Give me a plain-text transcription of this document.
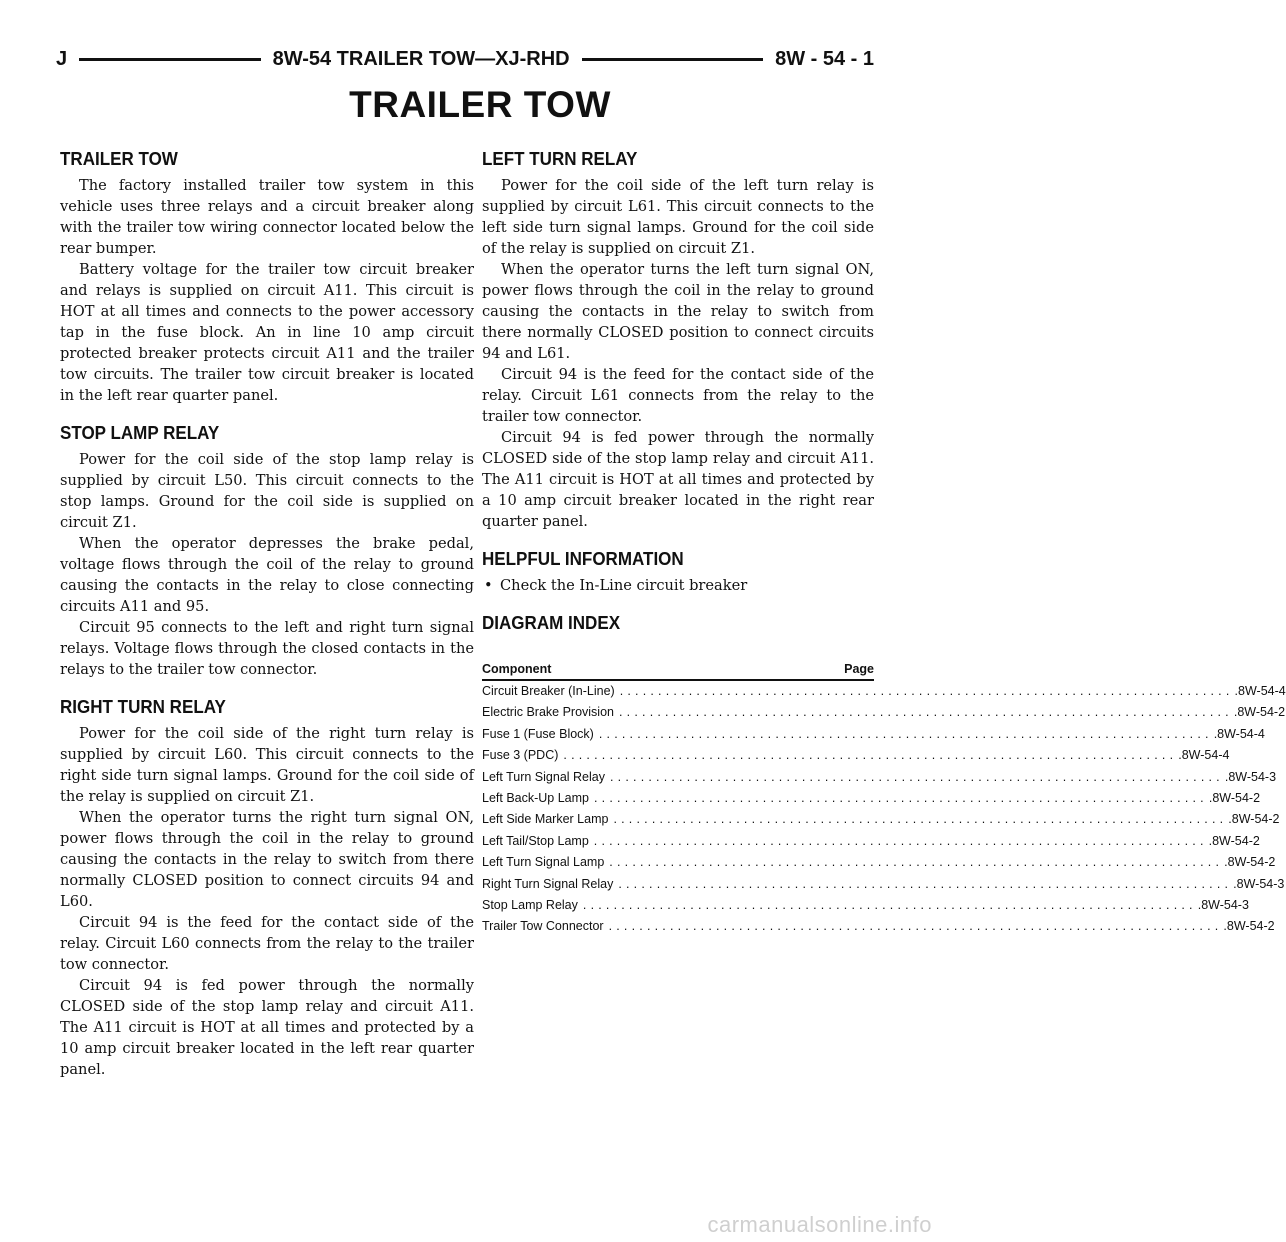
J	8W-54 TRAILER TOW—XJ-RHD	8W - 54 - 1
TRAILER TOW
TRAILER TOW

The factory installed trailer tow system in this vehicle uses three relays and a circuit breaker along with the trailer tow wiring connector located below the rear bumper.

Battery voltage for the trailer tow circuit breaker and relays is supplied on circuit A11. This circuit is HOT at all times and connects to the power accessory tap in the fuse block. An in line 10 amp circuit protected breaker protects circuit A11 and the trailer tow circuits. The trailer tow circuit breaker is located in the left rear quarter panel.

STOP LAMP RELAY

Power for the coil side of the stop lamp relay is supplied by circuit L50. This circuit connects to the stop lamps. Ground for the coil side is supplied on circuit Z1.

When the operator depresses the brake pedal, voltage flows through the coil of the relay to ground causing the contacts in the relay to close connecting circuits A11 and 95.

Circuit 95 connects to the left and right turn signal relays. Voltage flows through the closed contacts in the relays to the trailer tow connector.

RIGHT TURN RELAY

Power for the coil side of the right turn relay is supplied by circuit L60. This circuit connects to the right side turn signal lamps. Ground for the coil side of the relay is supplied on circuit Z1.

When the operator turns the right turn signal ON, power flows through the coil in the relay to ground causing the contacts in the relay to switch from there normally CLOSED position to connect circuits 94 and L60.

Circuit 94 is the feed for the contact side of the relay. Circuit L60 connects from the relay to the trailer tow connector.

Circuit 94 is fed power through the normally CLOSED side of the stop lamp relay and circuit A11. The A11 circuit is HOT at all times and protected by a 10 amp circuit breaker located in the left rear quarter panel.

LEFT TURN RELAY

Power for the coil side of the left turn relay is supplied by circuit L61. This circuit connects to the left side turn signal lamps. Ground for the coil side of the relay is supplied on circuit Z1.

When the operator turns the left turn signal ON, power flows through the coil in the relay to ground causing the contacts in the relay to switch from there normally CLOSED position to connect circuits 94 and L61.

Circuit 94 is the feed for the contact side of the relay. Circuit L61 connects from the relay to the trailer tow connector.

Circuit 94 is fed power through the normally CLOSED side of the stop lamp relay and circuit A11. The A11 circuit is HOT at all times and protected by a 10 amp circuit breaker located in the right rear quarter panel.

HELPFUL INFORMATION

• Check the In-Line circuit breaker

DIAGRAM INDEX
Component	Page
Circuit Breaker (In-Line) ................................................................................ .8W-54-4
Electric Brake Provision ................................................................................ .8W-54-2
Fuse 1 (Fuse Block) ................................................................................ .8W-54-4
Fuse 3 (PDC) ................................................................................ .8W-54-4
Left Turn Signal Relay ................................................................................ .8W-54-3
Left Back-Up Lamp ................................................................................ .8W-54-2
Left Side Marker Lamp ................................................................................ .8W-54-2
Left Tail/Stop Lamp ................................................................................ .8W-54-2
Left Turn Signal Lamp ................................................................................ .8W-54-2
Right Turn Signal Relay ................................................................................ .8W-54-3
Stop Lamp Relay ................................................................................ .8W-54-3
Trailer Tow Connector ................................................................................ .8W-54-2
carmanualsonline.info
